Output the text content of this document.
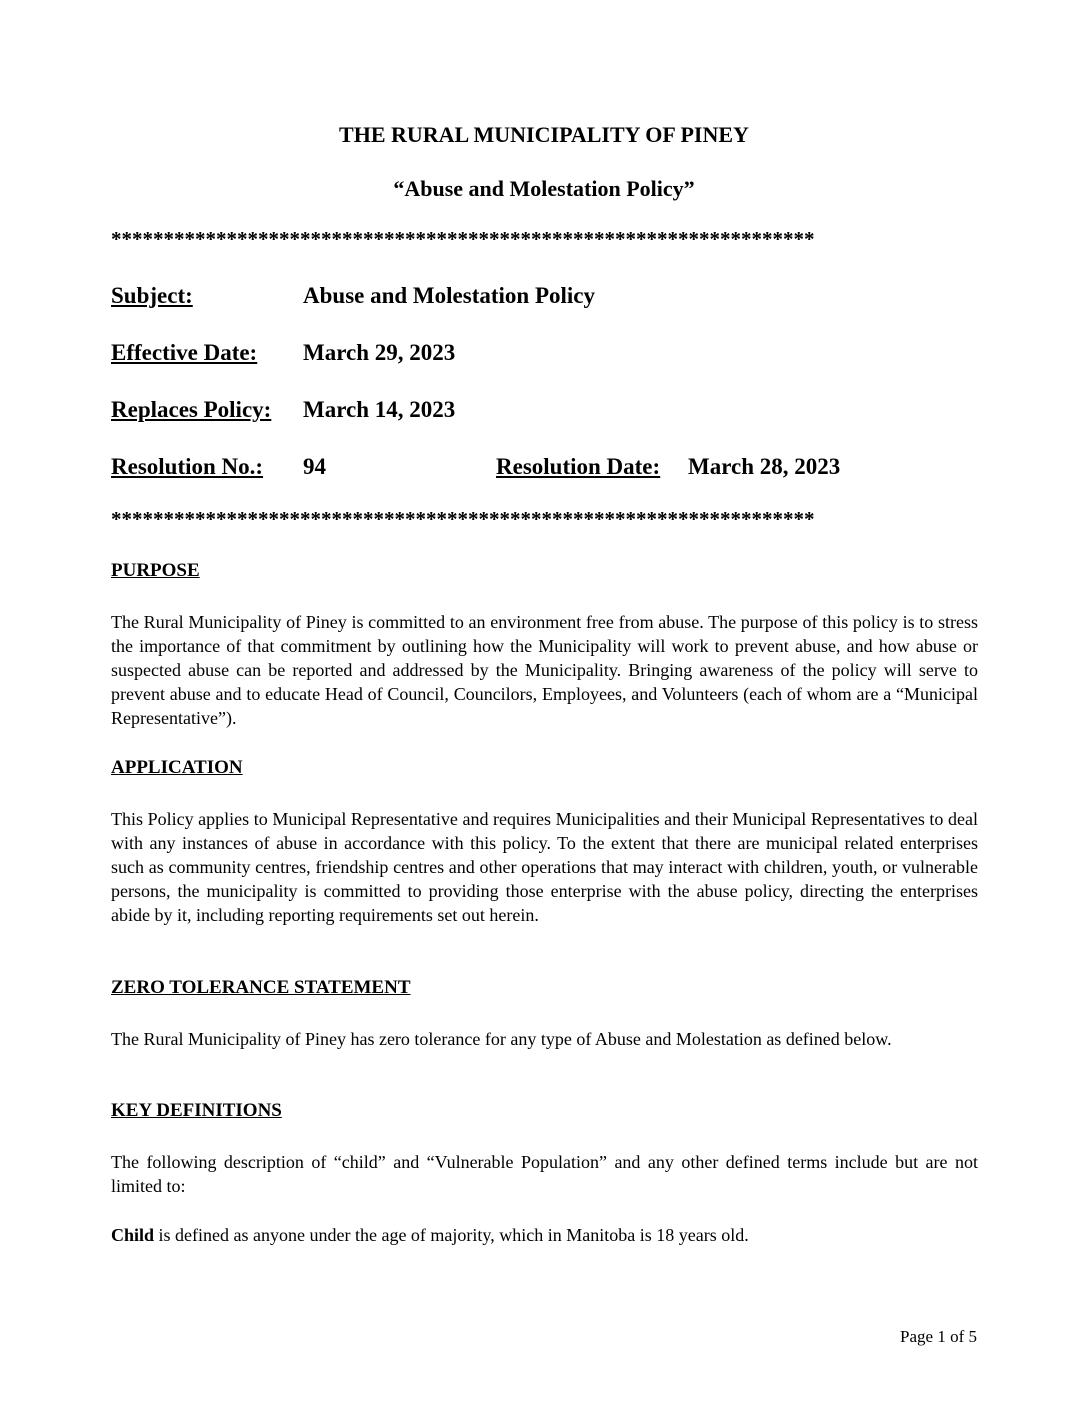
THE RURAL MUNICIPALITY OF PINEY
“Abuse and Molestation Policy”
*******************************************************************
Subject:	Abuse and Molestation Policy
Effective Date: March 29, 2023
Replaces Policy: March 14, 2023
Resolution No.: 94	Resolution Date: March 28, 2023
*******************************************************************
PURPOSE
The Rural Municipality of Piney is committed to an environment free from abuse. The purpose of this policy is to stress the importance of that commitment by outlining how the Municipality will work to prevent abuse, and how abuse or suspected abuse can be reported and addressed by the Municipality. Bringing awareness of the policy will serve to prevent abuse and to educate Head of Council, Councilors, Employees, and Volunteers (each of whom are a “Municipal Representative”).
APPLICATION
This Policy applies to Municipal Representative and requires Municipalities and their Municipal Representatives to deal with any instances of abuse in accordance with this policy. To the extent that there are municipal related enterprises such as community centres, friendship centres and other operations that may interact with children, youth, or vulnerable persons, the municipality is committed to providing those enterprise with the abuse policy, directing the enterprises abide by it, including reporting requirements set out herein.
ZERO TOLERANCE STATEMENT
The Rural Municipality of Piney has zero tolerance for any type of Abuse and Molestation as defined below.
KEY DEFINITIONS
The following description of “child” and “Vulnerable Population” and any other defined terms include but are not limited to:
Child is defined as anyone under the age of majority, which in Manitoba is 18 years old.
Page 1 of 5
